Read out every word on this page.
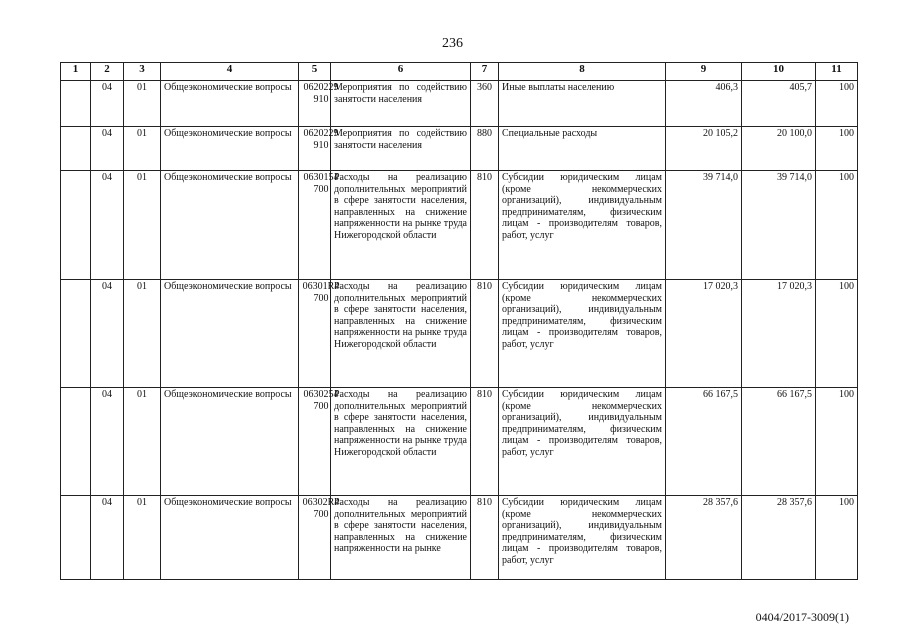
236
1	2	3	4	5	6	7	8	9	10	11
	04	01	Общеэкономические вопросы	0620229910	Мероприятия по содействию занятости населения	360	Иные выплаты населению	406,3	405,7	100
	04	01	Общеэкономические вопросы	0620229910	Мероприятия по содействию занятости населения	880	Специальные расходы	20 105,2	20 100,0	100
	04	01	Общеэкономические вопросы	0630154700	Расходы на реализацию дополнительных мероприятий в сфере занятости населения, направленных на снижение напряженности на рынке труда Нижегородской области	810	Субсидии юридическим лицам (кроме некоммерческих организаций), индивидуальным предпринимателям, физическим лицам - производителям товаров, работ, услуг	39 714,0	39 714,0	100
	04	01	Общеэкономические вопросы	06301R4700	Расходы на реализацию дополнительных мероприятий в сфере занятости населения, направленных на снижение напряженности на рынке труда Нижегородской области	810	Субсидии юридическим лицам (кроме некоммерческих организаций), индивидуальным предпринимателям, физическим лицам - производителям товаров, работ, услуг	17 020,3	17 020,3	100
	04	01	Общеэкономические вопросы	0630254700	Расходы на реализацию дополнительных мероприятий в сфере занятости населения, направленных на снижение напряженности на рынке труда Нижегородской области	810	Субсидии юридическим лицам (кроме некоммерческих организаций), индивидуальным предпринимателям, физическим лицам - производителям товаров, работ, услуг	66 167,5	66 167,5	100
	04	01	Общеэкономические вопросы	06302R4700	Расходы на реализацию дополнительных мероприятий в сфере занятости населения, направленных на снижение напряженности на рынке	810	Субсидии юридическим лицам (кроме некоммерческих организаций), индивидуальным предпринимателям, физическим лицам - производителям товаров, работ, услуг	28 357,6	28 357,6	100
0404/2017-3009(1)
